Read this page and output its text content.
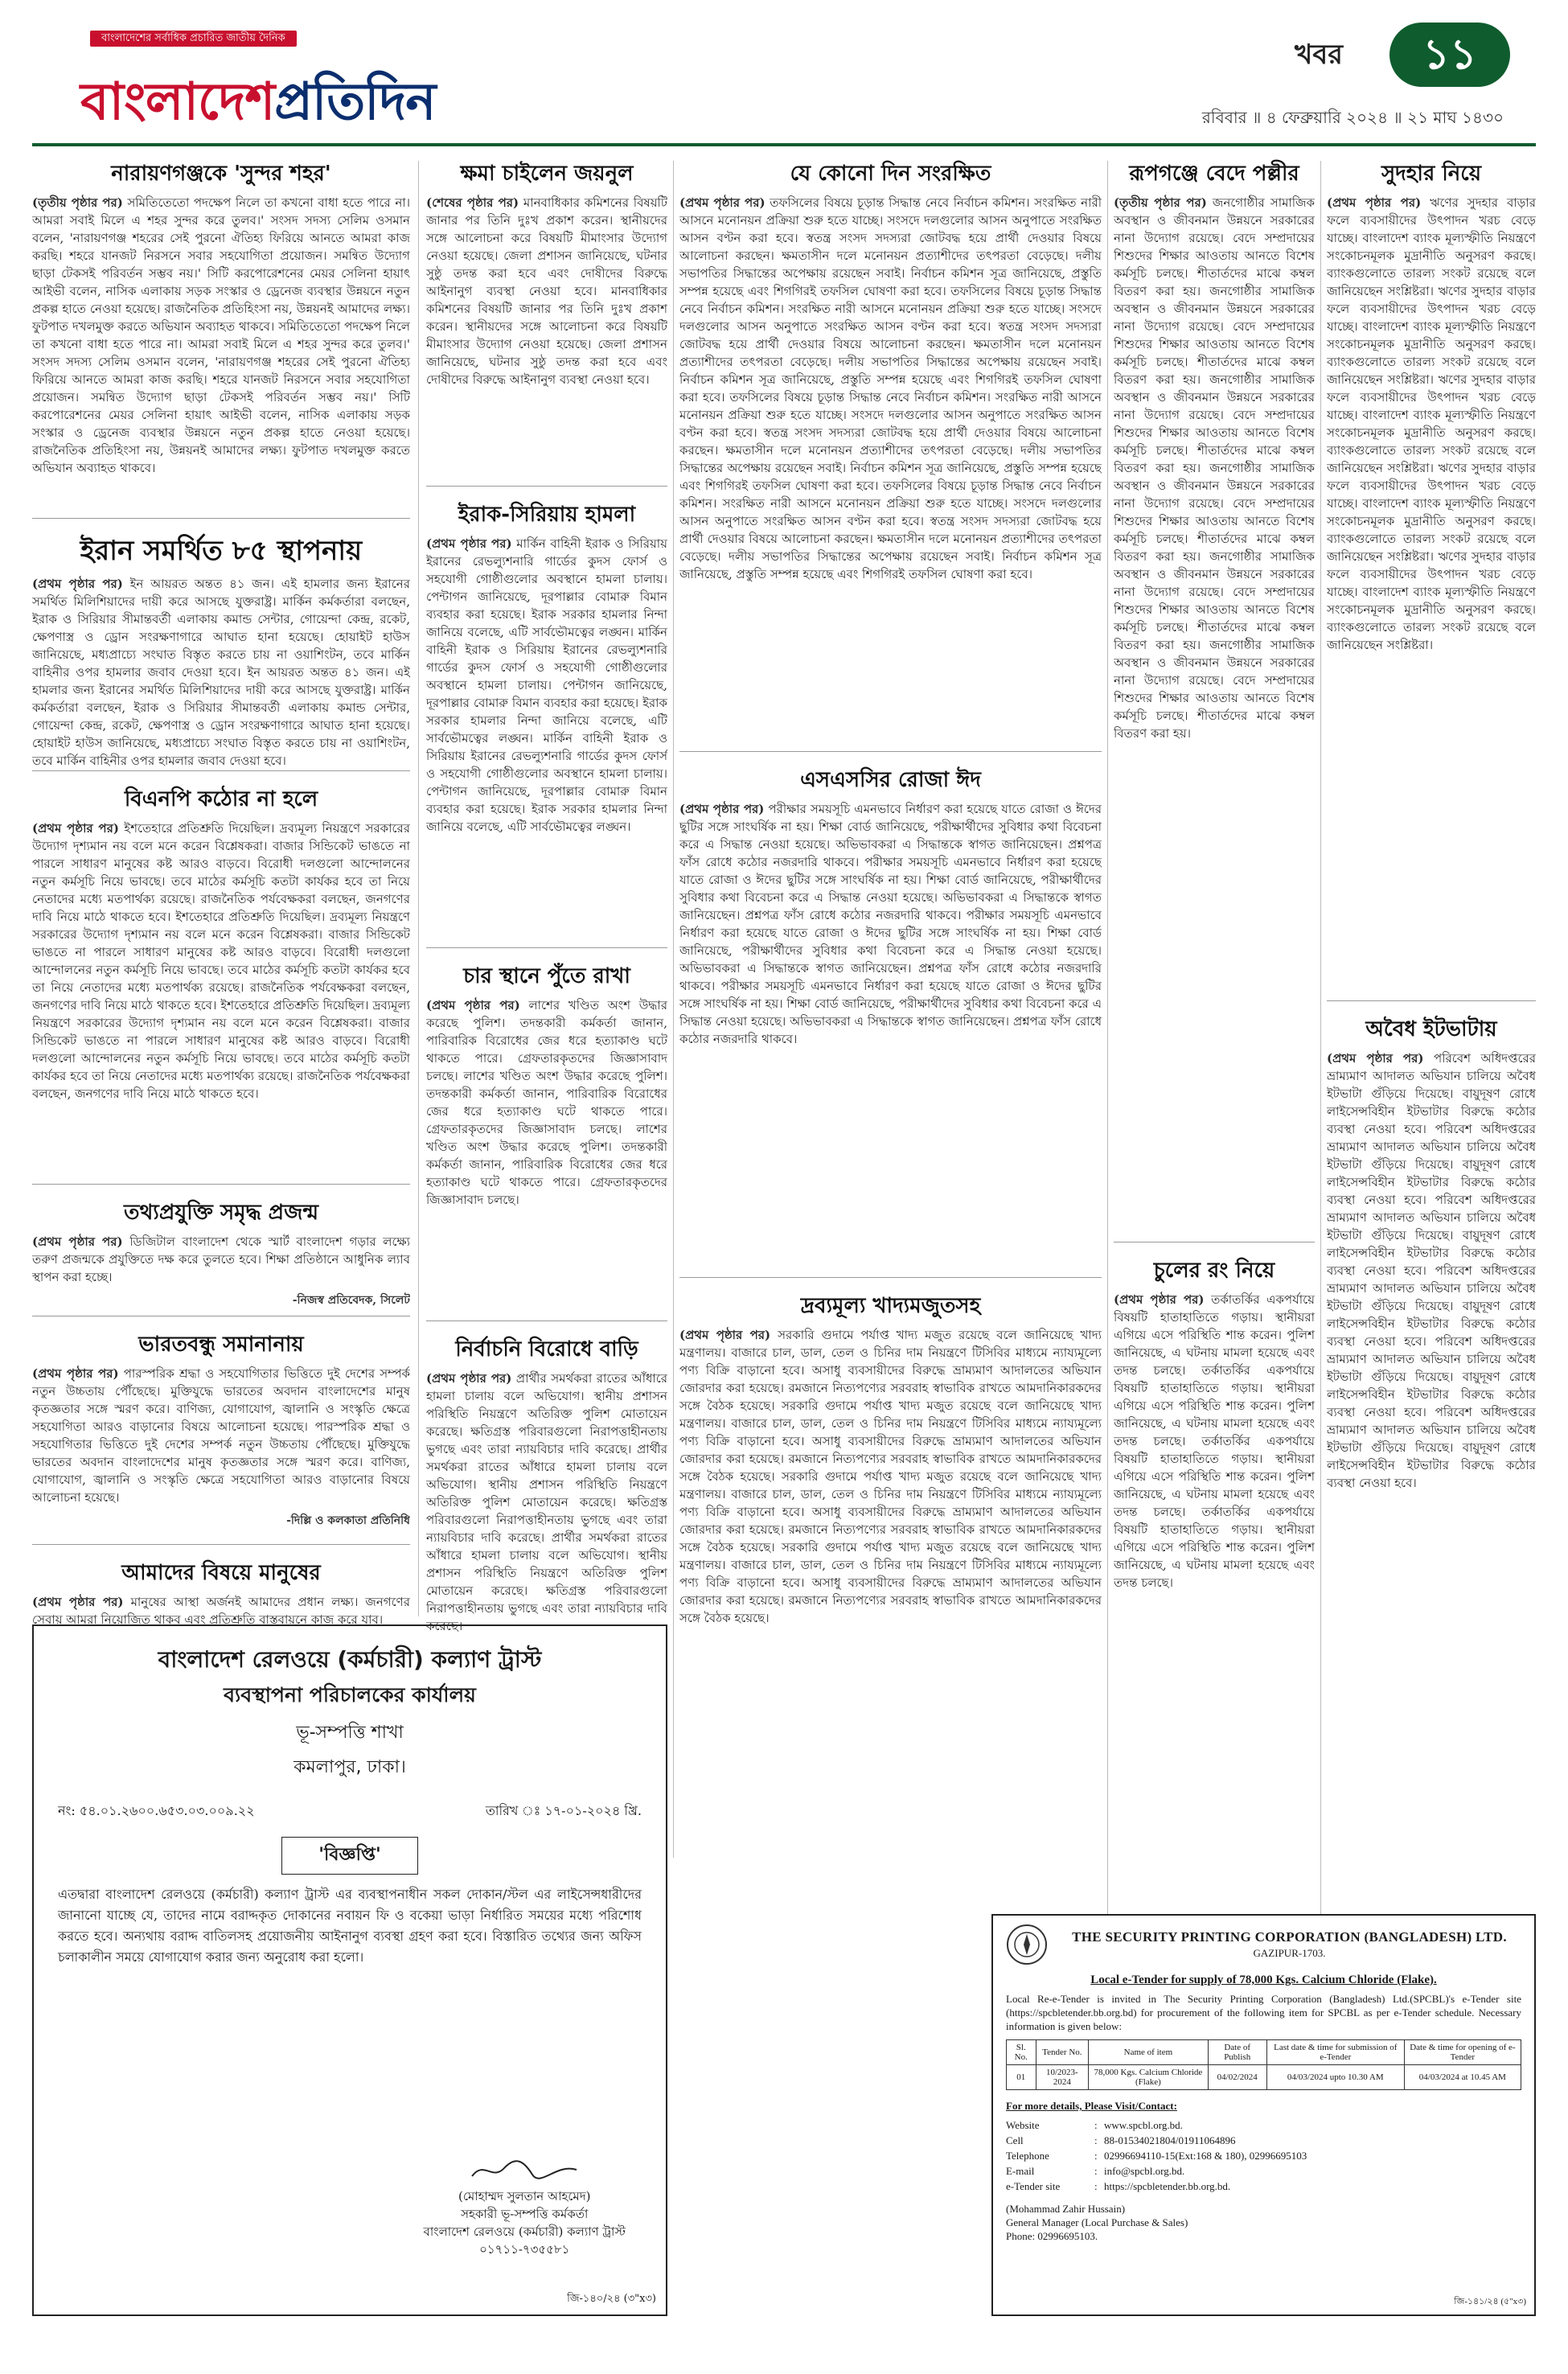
বাংলাদেশের সর্বাধিক প্রচারিত জাতীয় দৈনিক
বাংলাদেশপ্রতিদিন
খবর	১১
রবিবার ॥ ৪ ফেব্রুয়ারি ২০২৪ ॥ ২১ মাঘ ১৪৩০
নারায়ণগঞ্জকে 'সুন্দর শহর'
(তৃতীয় পৃষ্ঠার পর) সমিতিতেতো পদক্ষেপ নিলে তা কখনো বাধা হতে পারে না। আমরা সবাই মিলে এ শহর সুন্দর করে তুলব।' সংসদ সদস্য সেলিম ওসমান বলেন, 'নারায়ণগঞ্জ শহরের সেই পুরনো ঐতিহ্য ফিরিয়ে আনতে আমরা কাজ করছি। শহরে যানজট নিরসনে সবার সহযোগিতা প্রয়োজন। সমন্বিত উদ্যোগ ছাড়া টেকসই পরিবর্তন সম্ভব নয়।' সিটি করপোরেশনের মেয়র সেলিনা হায়াৎ আইভী বলেন, নাসিক এলাকায় সড়ক সংস্কার ও ড্রেনেজ ব্যবস্থার উন্নয়নে নতুন প্রকল্প হাতে নেওয়া হয়েছে। রাজনৈতিক প্রতিহিংসা নয়, উন্নয়নই আমাদের লক্ষ্য। ফুটপাত দখলমুক্ত করতে অভিযান অব্যাহত থাকবে। সমিতিতেতো পদক্ষেপ নিলে তা কখনো বাধা হতে পারে না। আমরা সবাই মিলে এ শহর সুন্দর করে তুলব।' সংসদ সদস্য সেলিম ওসমান বলেন, 'নারায়ণগঞ্জ শহরের সেই পুরনো ঐতিহ্য ফিরিয়ে আনতে আমরা কাজ করছি। শহরে যানজট নিরসনে সবার সহযোগিতা প্রয়োজন। সমন্বিত উদ্যোগ ছাড়া টেকসই পরিবর্তন সম্ভব নয়।' সিটি করপোরেশনের মেয়র সেলিনা হায়াৎ আইভী বলেন, নাসিক এলাকায় সড়ক সংস্কার ও ড্রেনেজ ব্যবস্থার উন্নয়নে নতুন প্রকল্প হাতে নেওয়া হয়েছে। রাজনৈতিক প্রতিহিংসা নয়, উন্নয়নই আমাদের লক্ষ্য। ফুটপাত দখলমুক্ত করতে অভিযান অব্যাহত থাকবে।
ইরান সমর্থিত ৮৫ স্থাপনায়
(প্রথম পৃষ্ঠার পর) ইন আয়রত অন্তত ৪১ জন। এই হামলার জন্য ইরানের সমর্থিত মিলিশিয়াদের দায়ী করে আসছে যুক্তরাষ্ট্র। মার্কিন কর্মকর্তারা বলছেন, ইরাক ও সিরিয়ার সীমান্তবর্তী এলাকায় কমান্ড সেন্টার, গোয়েন্দা কেন্দ্র, রকেট, ক্ষেপণাস্ত্র ও ড্রোন সংরক্ষণাগারে আঘাত হানা হয়েছে। হোয়াইট হাউস জানিয়েছে, মধ্যপ্রাচ্যে সংঘাত বিস্তৃত করতে চায় না ওয়াশিংটন, তবে মার্কিন বাহিনীর ওপর হামলার জবাব দেওয়া হবে। ইন আয়রত অন্তত ৪১ জন। এই হামলার জন্য ইরানের সমর্থিত মিলিশিয়াদের দায়ী করে আসছে যুক্তরাষ্ট্র। মার্কিন কর্মকর্তারা বলছেন, ইরাক ও সিরিয়ার সীমান্তবর্তী এলাকায় কমান্ড সেন্টার, গোয়েন্দা কেন্দ্র, রকেট, ক্ষেপণাস্ত্র ও ড্রোন সংরক্ষণাগারে আঘাত হানা হয়েছে। হোয়াইট হাউস জানিয়েছে, মধ্যপ্রাচ্যে সংঘাত বিস্তৃত করতে চায় না ওয়াশিংটন, তবে মার্কিন বাহিনীর ওপর হামলার জবাব দেওয়া হবে।
বিএনপি কঠোর না হলে
(প্রথম পৃষ্ঠার পর) ইশতেহারে প্রতিশ্রুতি দিয়েছিল। দ্রব্যমূল্য নিয়ন্ত্রণে সরকারের উদ্যোগ দৃশ্যমান নয় বলে মনে করেন বিশ্লেষকরা। বাজার সিন্ডিকেট ভাঙতে না পারলে সাধারণ মানুষের কষ্ট আরও বাড়বে। বিরোধী দলগুলো আন্দোলনের নতুন কর্মসূচি নিয়ে ভাবছে। তবে মাঠের কর্মসূচি কতটা কার্যকর হবে তা নিয়ে নেতাদের মধ্যে মতপার্থক্য রয়েছে। রাজনৈতিক পর্যবেক্ষকরা বলছেন, জনগণের দাবি নিয়ে মাঠে থাকতে হবে। ইশতেহারে প্রতিশ্রুতি দিয়েছিল। দ্রব্যমূল্য নিয়ন্ত্রণে সরকারের উদ্যোগ দৃশ্যমান নয় বলে মনে করেন বিশ্লেষকরা। বাজার সিন্ডিকেট ভাঙতে না পারলে সাধারণ মানুষের কষ্ট আরও বাড়বে। বিরোধী দলগুলো আন্দোলনের নতুন কর্মসূচি নিয়ে ভাবছে। তবে মাঠের কর্মসূচি কতটা কার্যকর হবে তা নিয়ে নেতাদের মধ্যে মতপার্থক্য রয়েছে। রাজনৈতিক পর্যবেক্ষকরা বলছেন, জনগণের দাবি নিয়ে মাঠে থাকতে হবে। ইশতেহারে প্রতিশ্রুতি দিয়েছিল। দ্রব্যমূল্য নিয়ন্ত্রণে সরকারের উদ্যোগ দৃশ্যমান নয় বলে মনে করেন বিশ্লেষকরা। বাজার সিন্ডিকেট ভাঙতে না পারলে সাধারণ মানুষের কষ্ট আরও বাড়বে। বিরোধী দলগুলো আন্দোলনের নতুন কর্মসূচি নিয়ে ভাবছে। তবে মাঠের কর্মসূচি কতটা কার্যকর হবে তা নিয়ে নেতাদের মধ্যে মতপার্থক্য রয়েছে। রাজনৈতিক পর্যবেক্ষকরা বলছেন, জনগণের দাবি নিয়ে মাঠে থাকতে হবে।
তথ্যপ্রযুক্তি সমৃদ্ধ প্রজন্ম
(প্রথম পৃষ্ঠার পর) ডিজিটাল বাংলাদেশ থেকে স্মার্ট বাংলাদেশ গড়ার লক্ষ্যে তরুণ প্রজন্মকে প্রযুক্তিতে দক্ষ করে তুলতে হবে। শিক্ষা প্রতিষ্ঠানে আধুনিক ল্যাব স্থাপন করা হচ্ছে।
-নিজস্ব প্রতিবেদক, সিলেট
ভারতবন্ধু সমানানায়
(প্রথম পৃষ্ঠার পর) পারস্পরিক শ্রদ্ধা ও সহযোগিতার ভিত্তিতে দুই দেশের সম্পর্ক নতুন উচ্চতায় পৌঁছেছে। মুক্তিযুদ্ধে ভারতের অবদান বাংলাদেশের মানুষ কৃতজ্ঞতার সঙ্গে স্মরণ করে। বাণিজ্য, যোগাযোগ, জ্বালানি ও সংস্কৃতি ক্ষেত্রে সহযোগিতা আরও বাড়ানোর বিষয়ে আলোচনা হয়েছে। পারস্পরিক শ্রদ্ধা ও সহযোগিতার ভিত্তিতে দুই দেশের সম্পর্ক নতুন উচ্চতায় পৌঁছেছে। মুক্তিযুদ্ধে ভারতের অবদান বাংলাদেশের মানুষ কৃতজ্ঞতার সঙ্গে স্মরণ করে। বাণিজ্য, যোগাযোগ, জ্বালানি ও সংস্কৃতি ক্ষেত্রে সহযোগিতা আরও বাড়ানোর বিষয়ে আলোচনা হয়েছে।
-দিল্লি ও কলকাতা প্রতিনিধি
আমাদের বিষয়ে মানুষের
(প্রথম পৃষ্ঠার পর) মানুষের আস্থা অর্জনই আমাদের প্রধান লক্ষ্য। জনগণের সেবায় আমরা নিয়োজিত থাকব এবং প্রতিশ্রুতি বাস্তবায়নে কাজ করে যাব।
ক্ষমা চাইলেন জয়নুল
(শেষের পৃষ্ঠার পর) মানবাধিকার কমিশনের বিষয়টি জানার পর তিনি দুঃখ প্রকাশ করেন। স্থানীয়দের সঙ্গে আলোচনা করে বিষয়টি মীমাংসার উদ্যোগ নেওয়া হয়েছে। জেলা প্রশাসন জানিয়েছে, ঘটনার সুষ্ঠু তদন্ত করা হবে এবং দোষীদের বিরুদ্ধে আইনানুগ ব্যবস্থা নেওয়া হবে। মানবাধিকার কমিশনের বিষয়টি জানার পর তিনি দুঃখ প্রকাশ করেন। স্থানীয়দের সঙ্গে আলোচনা করে বিষয়টি মীমাংসার উদ্যোগ নেওয়া হয়েছে। জেলা প্রশাসন জানিয়েছে, ঘটনার সুষ্ঠু তদন্ত করা হবে এবং দোষীদের বিরুদ্ধে আইনানুগ ব্যবস্থা নেওয়া হবে।
ইরাক-সিরিয়ায় হামলা
(প্রথম পৃষ্ঠার পর) মার্কিন বাহিনী ইরাক ও সিরিয়ায় ইরানের রেভল্যুশনারি গার্ডের কুদস ফোর্স ও সহযোগী গোষ্ঠীগুলোর অবস্থানে হামলা চালায়। পেন্টাগন জানিয়েছে, দূরপাল্লার বোমারু বিমান ব্যবহার করা হয়েছে। ইরাক সরকার হামলার নিন্দা জানিয়ে বলেছে, এটি সার্বভৌমত্বের লঙ্ঘন। মার্কিন বাহিনী ইরাক ও সিরিয়ায় ইরানের রেভল্যুশনারি গার্ডের কুদস ফোর্স ও সহযোগী গোষ্ঠীগুলোর অবস্থানে হামলা চালায়। পেন্টাগন জানিয়েছে, দূরপাল্লার বোমারু বিমান ব্যবহার করা হয়েছে। ইরাক সরকার হামলার নিন্দা জানিয়ে বলেছে, এটি সার্বভৌমত্বের লঙ্ঘন। মার্কিন বাহিনী ইরাক ও সিরিয়ায় ইরানের রেভল্যুশনারি গার্ডের কুদস ফোর্স ও সহযোগী গোষ্ঠীগুলোর অবস্থানে হামলা চালায়। পেন্টাগন জানিয়েছে, দূরপাল্লার বোমারু বিমান ব্যবহার করা হয়েছে। ইরাক সরকার হামলার নিন্দা জানিয়ে বলেছে, এটি সার্বভৌমত্বের লঙ্ঘন।
চার স্থানে পুঁতে রাখা
(প্রথম পৃষ্ঠার পর) লাশের খণ্ডিত অংশ উদ্ধার করেছে পুলিশ। তদন্তকারী কর্মকর্তা জানান, পারিবারিক বিরোধের জের ধরে হত্যাকাণ্ড ঘটে থাকতে পারে। গ্রেফতারকৃতদের জিজ্ঞাসাবাদ চলছে। লাশের খণ্ডিত অংশ উদ্ধার করেছে পুলিশ। তদন্তকারী কর্মকর্তা জানান, পারিবারিক বিরোধের জের ধরে হত্যাকাণ্ড ঘটে থাকতে পারে। গ্রেফতারকৃতদের জিজ্ঞাসাবাদ চলছে। লাশের খণ্ডিত অংশ উদ্ধার করেছে পুলিশ। তদন্তকারী কর্মকর্তা জানান, পারিবারিক বিরোধের জের ধরে হত্যাকাণ্ড ঘটে থাকতে পারে। গ্রেফতারকৃতদের জিজ্ঞাসাবাদ চলছে।
নির্বাচনি বিরোধে বাড়ি
(প্রথম পৃষ্ঠার পর) প্রার্থীর সমর্থকরা রাতের আঁধারে হামলা চালায় বলে অভিযোগ। স্থানীয় প্রশাসন পরিস্থিতি নিয়ন্ত্রণে অতিরিক্ত পুলিশ মোতায়েন করেছে। ক্ষতিগ্রস্ত পরিবারগুলো নিরাপত্তাহীনতায় ভুগছে এবং তারা ন্যায়বিচার দাবি করেছে। প্রার্থীর সমর্থকরা রাতের আঁধারে হামলা চালায় বলে অভিযোগ। স্থানীয় প্রশাসন পরিস্থিতি নিয়ন্ত্রণে অতিরিক্ত পুলিশ মোতায়েন করেছে। ক্ষতিগ্রস্ত পরিবারগুলো নিরাপত্তাহীনতায় ভুগছে এবং তারা ন্যায়বিচার দাবি করেছে। প্রার্থীর সমর্থকরা রাতের আঁধারে হামলা চালায় বলে অভিযোগ। স্থানীয় প্রশাসন পরিস্থিতি নিয়ন্ত্রণে অতিরিক্ত পুলিশ মোতায়েন করেছে। ক্ষতিগ্রস্ত পরিবারগুলো নিরাপত্তাহীনতায় ভুগছে এবং তারা ন্যায়বিচার দাবি করেছে।
যে কোনো দিন সংরক্ষিত
(প্রথম পৃষ্ঠার পর) তফসিলের বিষয়ে চূড়ান্ত সিদ্ধান্ত নেবে নির্বাচন কমিশন। সংরক্ষিত নারী আসনে মনোনয়ন প্রক্রিয়া শুরু হতে যাচ্ছে। সংসদে দলগুলোর আসন অনুপাতে সংরক্ষিত আসন বণ্টন করা হবে। স্বতন্ত্র সংসদ সদস্যরা জোটবদ্ধ হয়ে প্রার্থী দেওয়ার বিষয়ে আলোচনা করছেন। ক্ষমতাসীন দলে মনোনয়ন প্রত্যাশীদের তৎপরতা বেড়েছে। দলীয় সভাপতির সিদ্ধান্তের অপেক্ষায় রয়েছেন সবাই। নির্বাচন কমিশন সূত্র জানিয়েছে, প্রস্তুতি সম্পন্ন হয়েছে এবং শিগগিরই তফসিল ঘোষণা করা হবে। তফসিলের বিষয়ে চূড়ান্ত সিদ্ধান্ত নেবে নির্বাচন কমিশন। সংরক্ষিত নারী আসনে মনোনয়ন প্রক্রিয়া শুরু হতে যাচ্ছে। সংসদে দলগুলোর আসন অনুপাতে সংরক্ষিত আসন বণ্টন করা হবে। স্বতন্ত্র সংসদ সদস্যরা জোটবদ্ধ হয়ে প্রার্থী দেওয়ার বিষয়ে আলোচনা করছেন। ক্ষমতাসীন দলে মনোনয়ন প্রত্যাশীদের তৎপরতা বেড়েছে। দলীয় সভাপতির সিদ্ধান্তের অপেক্ষায় রয়েছেন সবাই। নির্বাচন কমিশন সূত্র জানিয়েছে, প্রস্তুতি সম্পন্ন হয়েছে এবং শিগগিরই তফসিল ঘোষণা করা হবে। তফসিলের বিষয়ে চূড়ান্ত সিদ্ধান্ত নেবে নির্বাচন কমিশন। সংরক্ষিত নারী আসনে মনোনয়ন প্রক্রিয়া শুরু হতে যাচ্ছে। সংসদে দলগুলোর আসন অনুপাতে সংরক্ষিত আসন বণ্টন করা হবে। স্বতন্ত্র সংসদ সদস্যরা জোটবদ্ধ হয়ে প্রার্থী দেওয়ার বিষয়ে আলোচনা করছেন। ক্ষমতাসীন দলে মনোনয়ন প্রত্যাশীদের তৎপরতা বেড়েছে। দলীয় সভাপতির সিদ্ধান্তের অপেক্ষায় রয়েছেন সবাই। নির্বাচন কমিশন সূত্র জানিয়েছে, প্রস্তুতি সম্পন্ন হয়েছে এবং শিগগিরই তফসিল ঘোষণা করা হবে। তফসিলের বিষয়ে চূড়ান্ত সিদ্ধান্ত নেবে নির্বাচন কমিশন। সংরক্ষিত নারী আসনে মনোনয়ন প্রক্রিয়া শুরু হতে যাচ্ছে। সংসদে দলগুলোর আসন অনুপাতে সংরক্ষিত আসন বণ্টন করা হবে। স্বতন্ত্র সংসদ সদস্যরা জোটবদ্ধ হয়ে প্রার্থী দেওয়ার বিষয়ে আলোচনা করছেন। ক্ষমতাসীন দলে মনোনয়ন প্রত্যাশীদের তৎপরতা বেড়েছে। দলীয় সভাপতির সিদ্ধান্তের অপেক্ষায় রয়েছেন সবাই। নির্বাচন কমিশন সূত্র জানিয়েছে, প্রস্তুতি সম্পন্ন হয়েছে এবং শিগগিরই তফসিল ঘোষণা করা হবে।
এসএসসির রোজা ঈদ
(প্রথম পৃষ্ঠার পর) পরীক্ষার সময়সূচি এমনভাবে নির্ধারণ করা হয়েছে যাতে রোজা ও ঈদের ছুটির সঙ্গে সাংঘর্ষিক না হয়। শিক্ষা বোর্ড জানিয়েছে, পরীক্ষার্থীদের সুবিধার কথা বিবেচনা করে এ সিদ্ধান্ত নেওয়া হয়েছে। অভিভাবকরা এ সিদ্ধান্তকে স্বাগত জানিয়েছেন। প্রশ্নপত্র ফাঁস রোধে কঠোর নজরদারি থাকবে। পরীক্ষার সময়সূচি এমনভাবে নির্ধারণ করা হয়েছে যাতে রোজা ও ঈদের ছুটির সঙ্গে সাংঘর্ষিক না হয়। শিক্ষা বোর্ড জানিয়েছে, পরীক্ষার্থীদের সুবিধার কথা বিবেচনা করে এ সিদ্ধান্ত নেওয়া হয়েছে। অভিভাবকরা এ সিদ্ধান্তকে স্বাগত জানিয়েছেন। প্রশ্নপত্র ফাঁস রোধে কঠোর নজরদারি থাকবে। পরীক্ষার সময়সূচি এমনভাবে নির্ধারণ করা হয়েছে যাতে রোজা ও ঈদের ছুটির সঙ্গে সাংঘর্ষিক না হয়। শিক্ষা বোর্ড জানিয়েছে, পরীক্ষার্থীদের সুবিধার কথা বিবেচনা করে এ সিদ্ধান্ত নেওয়া হয়েছে। অভিভাবকরা এ সিদ্ধান্তকে স্বাগত জানিয়েছেন। প্রশ্নপত্র ফাঁস রোধে কঠোর নজরদারি থাকবে। পরীক্ষার সময়সূচি এমনভাবে নির্ধারণ করা হয়েছে যাতে রোজা ও ঈদের ছুটির সঙ্গে সাংঘর্ষিক না হয়। শিক্ষা বোর্ড জানিয়েছে, পরীক্ষার্থীদের সুবিধার কথা বিবেচনা করে এ সিদ্ধান্ত নেওয়া হয়েছে। অভিভাবকরা এ সিদ্ধান্তকে স্বাগত জানিয়েছেন। প্রশ্নপত্র ফাঁস রোধে কঠোর নজরদারি থাকবে।
দ্রব্যমূল্য খাদ্যমজুতসহ
(প্রথম পৃষ্ঠার পর) সরকারি গুদামে পর্যাপ্ত খাদ্য মজুত রয়েছে বলে জানিয়েছে খাদ্য মন্ত্রণালয়। বাজারে চাল, ডাল, তেল ও চিনির দাম নিয়ন্ত্রণে টিসিবির মাধ্যমে ন্যায্যমূল্যে পণ্য বিক্রি বাড়ানো হবে। অসাধু ব্যবসায়ীদের বিরুদ্ধে ভ্রাম্যমাণ আদালতের অভিযান জোরদার করা হয়েছে। রমজানে নিত্যপণ্যের সরবরাহ স্বাভাবিক রাখতে আমদানিকারকদের সঙ্গে বৈঠক হয়েছে। সরকারি গুদামে পর্যাপ্ত খাদ্য মজুত রয়েছে বলে জানিয়েছে খাদ্য মন্ত্রণালয়। বাজারে চাল, ডাল, তেল ও চিনির দাম নিয়ন্ত্রণে টিসিবির মাধ্যমে ন্যায্যমূল্যে পণ্য বিক্রি বাড়ানো হবে। অসাধু ব্যবসায়ীদের বিরুদ্ধে ভ্রাম্যমাণ আদালতের অভিযান জোরদার করা হয়েছে। রমজানে নিত্যপণ্যের সরবরাহ স্বাভাবিক রাখতে আমদানিকারকদের সঙ্গে বৈঠক হয়েছে। সরকারি গুদামে পর্যাপ্ত খাদ্য মজুত রয়েছে বলে জানিয়েছে খাদ্য মন্ত্রণালয়। বাজারে চাল, ডাল, তেল ও চিনির দাম নিয়ন্ত্রণে টিসিবির মাধ্যমে ন্যায্যমূল্যে পণ্য বিক্রি বাড়ানো হবে। অসাধু ব্যবসায়ীদের বিরুদ্ধে ভ্রাম্যমাণ আদালতের অভিযান জোরদার করা হয়েছে। রমজানে নিত্যপণ্যের সরবরাহ স্বাভাবিক রাখতে আমদানিকারকদের সঙ্গে বৈঠক হয়েছে। সরকারি গুদামে পর্যাপ্ত খাদ্য মজুত রয়েছে বলে জানিয়েছে খাদ্য মন্ত্রণালয়। বাজারে চাল, ডাল, তেল ও চিনির দাম নিয়ন্ত্রণে টিসিবির মাধ্যমে ন্যায্যমূল্যে পণ্য বিক্রি বাড়ানো হবে। অসাধু ব্যবসায়ীদের বিরুদ্ধে ভ্রাম্যমাণ আদালতের অভিযান জোরদার করা হয়েছে। রমজানে নিত্যপণ্যের সরবরাহ স্বাভাবিক রাখতে আমদানিকারকদের সঙ্গে বৈঠক হয়েছে।
রূপগঞ্জে বেদে পল্লীর
(তৃতীয় পৃষ্ঠার পর) জনগোষ্ঠীর সামাজিক অবস্থান ও জীবনমান উন্নয়নে সরকারের নানা উদ্যোগ রয়েছে। বেদে সম্প্রদায়ের শিশুদের শিক্ষার আওতায় আনতে বিশেষ কর্মসূচি চলছে। শীতার্তদের মাঝে কম্বল বিতরণ করা হয়। জনগোষ্ঠীর সামাজিক অবস্থান ও জীবনমান উন্নয়নে সরকারের নানা উদ্যোগ রয়েছে। বেদে সম্প্রদায়ের শিশুদের শিক্ষার আওতায় আনতে বিশেষ কর্মসূচি চলছে। শীতার্তদের মাঝে কম্বল বিতরণ করা হয়। জনগোষ্ঠীর সামাজিক অবস্থান ও জীবনমান উন্নয়নে সরকারের নানা উদ্যোগ রয়েছে। বেদে সম্প্রদায়ের শিশুদের শিক্ষার আওতায় আনতে বিশেষ কর্মসূচি চলছে। শীতার্তদের মাঝে কম্বল বিতরণ করা হয়। জনগোষ্ঠীর সামাজিক অবস্থান ও জীবনমান উন্নয়নে সরকারের নানা উদ্যোগ রয়েছে। বেদে সম্প্রদায়ের শিশুদের শিক্ষার আওতায় আনতে বিশেষ কর্মসূচি চলছে। শীতার্তদের মাঝে কম্বল বিতরণ করা হয়। জনগোষ্ঠীর সামাজিক অবস্থান ও জীবনমান উন্নয়নে সরকারের নানা উদ্যোগ রয়েছে। বেদে সম্প্রদায়ের শিশুদের শিক্ষার আওতায় আনতে বিশেষ কর্মসূচি চলছে। শীতার্তদের মাঝে কম্বল বিতরণ করা হয়। জনগোষ্ঠীর সামাজিক অবস্থান ও জীবনমান উন্নয়নে সরকারের নানা উদ্যোগ রয়েছে। বেদে সম্প্রদায়ের শিশুদের শিক্ষার আওতায় আনতে বিশেষ কর্মসূচি চলছে। শীতার্তদের মাঝে কম্বল বিতরণ করা হয়।
চুলের রং নিয়ে
(প্রথম পৃষ্ঠার পর) তর্কাতর্কির একপর্যায়ে বিষয়টি হাতাহাতিতে গড়ায়। স্থানীয়রা এগিয়ে এসে পরিস্থিতি শান্ত করেন। পুলিশ জানিয়েছে, এ ঘটনায় মামলা হয়েছে এবং তদন্ত চলছে। তর্কাতর্কির একপর্যায়ে বিষয়টি হাতাহাতিতে গড়ায়। স্থানীয়রা এগিয়ে এসে পরিস্থিতি শান্ত করেন। পুলিশ জানিয়েছে, এ ঘটনায় মামলা হয়েছে এবং তদন্ত চলছে। তর্কাতর্কির একপর্যায়ে বিষয়টি হাতাহাতিতে গড়ায়। স্থানীয়রা এগিয়ে এসে পরিস্থিতি শান্ত করেন। পুলিশ জানিয়েছে, এ ঘটনায় মামলা হয়েছে এবং তদন্ত চলছে। তর্কাতর্কির একপর্যায়ে বিষয়টি হাতাহাতিতে গড়ায়। স্থানীয়রা এগিয়ে এসে পরিস্থিতি শান্ত করেন। পুলিশ জানিয়েছে, এ ঘটনায় মামলা হয়েছে এবং তদন্ত চলছে।
সুদহার নিয়ে
(প্রথম পৃষ্ঠার পর) ঋণের সুদহার বাড়ার ফলে ব্যবসায়ীদের উৎপাদন খরচ বেড়ে যাচ্ছে। বাংলাদেশ ব্যাংক মূল্যস্ফীতি নিয়ন্ত্রণে সংকোচনমূলক মুদ্রানীতি অনুসরণ করছে। ব্যাংকগুলোতে তারল্য সংকট রয়েছে বলে জানিয়েছেন সংশ্লিষ্টরা। ঋণের সুদহার বাড়ার ফলে ব্যবসায়ীদের উৎপাদন খরচ বেড়ে যাচ্ছে। বাংলাদেশ ব্যাংক মূল্যস্ফীতি নিয়ন্ত্রণে সংকোচনমূলক মুদ্রানীতি অনুসরণ করছে। ব্যাংকগুলোতে তারল্য সংকট রয়েছে বলে জানিয়েছেন সংশ্লিষ্টরা। ঋণের সুদহার বাড়ার ফলে ব্যবসায়ীদের উৎপাদন খরচ বেড়ে যাচ্ছে। বাংলাদেশ ব্যাংক মূল্যস্ফীতি নিয়ন্ত্রণে সংকোচনমূলক মুদ্রানীতি অনুসরণ করছে। ব্যাংকগুলোতে তারল্য সংকট রয়েছে বলে জানিয়েছেন সংশ্লিষ্টরা। ঋণের সুদহার বাড়ার ফলে ব্যবসায়ীদের উৎপাদন খরচ বেড়ে যাচ্ছে। বাংলাদেশ ব্যাংক মূল্যস্ফীতি নিয়ন্ত্রণে সংকোচনমূলক মুদ্রানীতি অনুসরণ করছে। ব্যাংকগুলোতে তারল্য সংকট রয়েছে বলে জানিয়েছেন সংশ্লিষ্টরা। ঋণের সুদহার বাড়ার ফলে ব্যবসায়ীদের উৎপাদন খরচ বেড়ে যাচ্ছে। বাংলাদেশ ব্যাংক মূল্যস্ফীতি নিয়ন্ত্রণে সংকোচনমূলক মুদ্রানীতি অনুসরণ করছে। ব্যাংকগুলোতে তারল্য সংকট রয়েছে বলে জানিয়েছেন সংশ্লিষ্টরা।
অবৈধ ইটভাটায়
(প্রথম পৃষ্ঠার পর) পরিবেশ অধিদপ্তরের ভ্রাম্যমাণ আদালত অভিযান চালিয়ে অবৈধ ইটভাটা গুঁড়িয়ে দিয়েছে। বায়ুদূষণ রোধে লাইসেন্সবিহীন ইটভাটার বিরুদ্ধে কঠোর ব্যবস্থা নেওয়া হবে। পরিবেশ অধিদপ্তরের ভ্রাম্যমাণ আদালত অভিযান চালিয়ে অবৈধ ইটভাটা গুঁড়িয়ে দিয়েছে। বায়ুদূষণ রোধে লাইসেন্সবিহীন ইটভাটার বিরুদ্ধে কঠোর ব্যবস্থা নেওয়া হবে। পরিবেশ অধিদপ্তরের ভ্রাম্যমাণ আদালত অভিযান চালিয়ে অবৈধ ইটভাটা গুঁড়িয়ে দিয়েছে। বায়ুদূষণ রোধে লাইসেন্সবিহীন ইটভাটার বিরুদ্ধে কঠোর ব্যবস্থা নেওয়া হবে। পরিবেশ অধিদপ্তরের ভ্রাম্যমাণ আদালত অভিযান চালিয়ে অবৈধ ইটভাটা গুঁড়িয়ে দিয়েছে। বায়ুদূষণ রোধে লাইসেন্সবিহীন ইটভাটার বিরুদ্ধে কঠোর ব্যবস্থা নেওয়া হবে। পরিবেশ অধিদপ্তরের ভ্রাম্যমাণ আদালত অভিযান চালিয়ে অবৈধ ইটভাটা গুঁড়িয়ে দিয়েছে। বায়ুদূষণ রোধে লাইসেন্সবিহীন ইটভাটার বিরুদ্ধে কঠোর ব্যবস্থা নেওয়া হবে। পরিবেশ অধিদপ্তরের ভ্রাম্যমাণ আদালত অভিযান চালিয়ে অবৈধ ইটভাটা গুঁড়িয়ে দিয়েছে। বায়ুদূষণ রোধে লাইসেন্সবিহীন ইটভাটার বিরুদ্ধে কঠোর ব্যবস্থা নেওয়া হবে।
বাংলাদেশ রেলওয়ে (কর্মচারী) কল্যাণ ট্রাস্ট
ব্যবস্থাপনা পরিচালকের কার্যালয়
ভূ-সম্পত্তি শাখা
কমলাপুর, ঢাকা।
নং: ৫৪.০১.২৬০০.৬৫৩.০৩.০০৯.২২	তারিখ ঃ ১৭-০১-২০২৪ খ্রি.
'বিজ্ঞপ্তি'
এতদ্বারা বাংলাদেশ রেলওয়ে (কর্মচারী) কল্যাণ ট্রাস্ট এর ব্যবস্থাপনাধীন সকল দোকান/স্টল এর লাইসেন্সধারীদের জানানো যাচ্ছে যে, তাদের নামে বরাদ্দকৃত দোকানের নবায়ন ফি ও বকেয়া ভাড়া নির্ধারিত সময়ের মধ্যে পরিশোধ করতে হবে। অন্যথায় বরাদ্দ বাতিলসহ প্রয়োজনীয় আইনানুগ ব্যবস্থা গ্রহণ করা হবে। বিস্তারিত তথ্যের জন্য অফিস চলাকালীন সময়ে যোগাযোগ করার জন্য অনুরোধ করা হলো।
(মোহাম্মদ সুলতান আহমেদ)
সহকারী ভূ-সম্পত্তি কর্মকর্তা
বাংলাদেশ রেলওয়ে (কর্মচারী) কল্যাণ ট্রাস্ট
০১৭১১-৭৩৫৫৮১
জি-১৪০/২৪ (৩"x৩)
THE SECURITY PRINTING CORPORATION (BANGLADESH) LTD.
GAZIPUR-1703.
Local e-Tender for supply of 78,000 Kgs. Calcium Chloride (Flake).
Local Re-e-Tender is invited in The Security Printing Corporation (Bangladesh) Ltd.(SPCBL)'s e-Tender site (https://spcbletender.bb.org.bd) for procurement of the following item for SPCBL as per e-Tender schedule. Necessary information is given below:
Sl. No.	Tender No.	Name of item	Date of Publish	Last date & time for submission of e-Tender	Date & time for opening of e-Tender
01	10/2023-2024	78,000 Kgs. Calcium Chloride (Flake)	04/02/2024	04/03/2024 upto 10.30 AM	04/03/2024 at 10.45 AM
For more details, Please Visit/Contact:
Website	: www.spcbl.org.bd.
Cell	: 88-01534021804/01911064896
Telephone	: 02996694110-15(Ext:168 & 180), 02996695103
E-mail	: info@spcbl.org.bd.
e-Tender site	: https://spcbletender.bb.org.bd.
(Mohammad Zahir Hussain)
General Manager (Local Purchase & Sales)
Phone: 02996695103.
জি-১৪১/২৪ (৫"x৩)
